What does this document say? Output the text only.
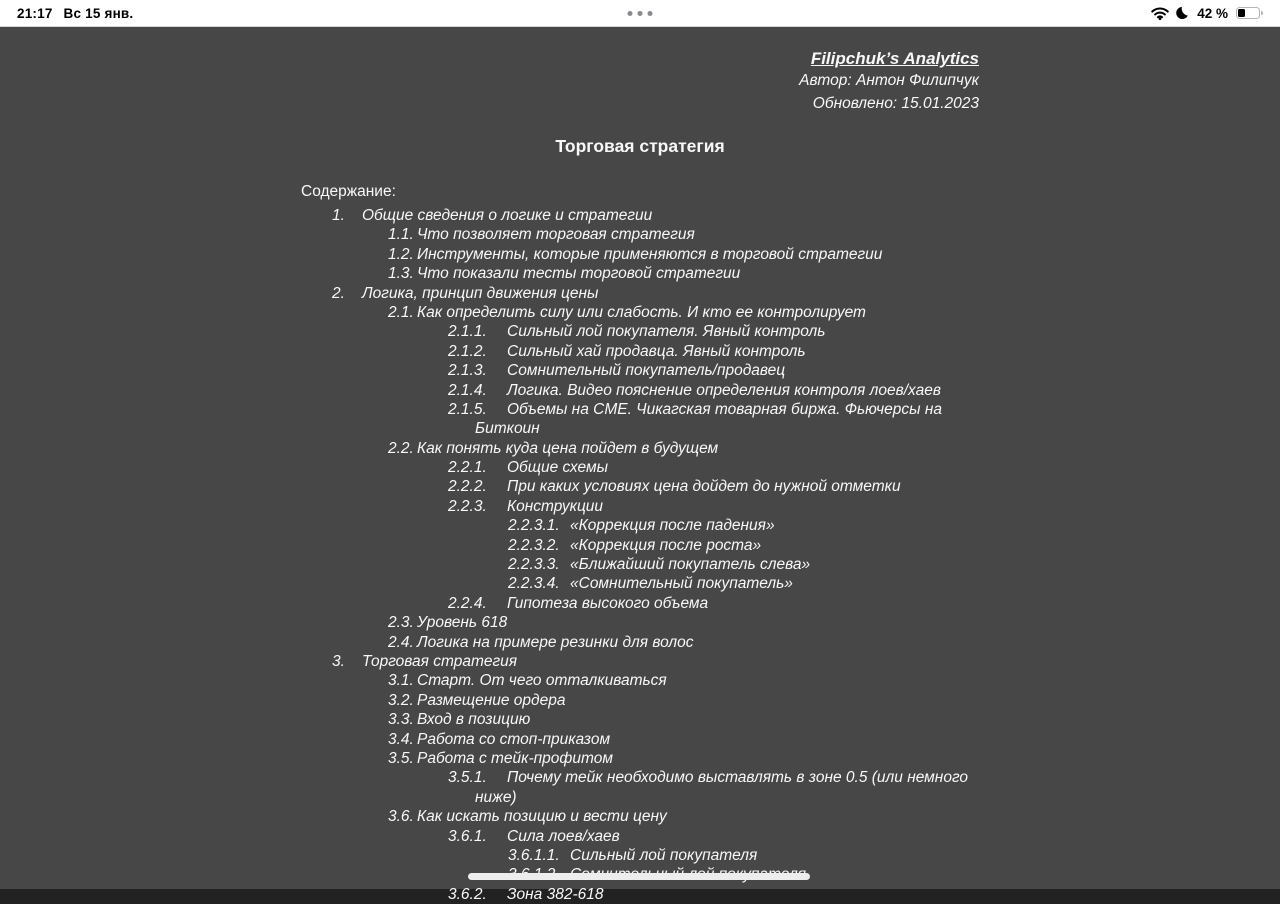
21:17 Вс 15 янв.	42 %
Filipchuk’s Analytics
Автор: Антон Филипчук
Обновлено: 15.01.2023
Торговая стратегия
Содержание:
1.	Общие сведения о логике и стратегии
1.1. Что позволяет торговая стратегия
1.2. Инструменты, которые применяются в торговой стратегии
1.3. Что показали тесты торговой стратегии
2.	Логика, принцип движения цены
2.1. Как определить силу или слабость. И кто ее контролирует
2.1.1.	Сильный лой покупателя. Явный контроль
2.1.2.	Сильный хай продавца. Явный контроль
2.1.3.	Сомнительный покупатель/продавец
2.1.4.	Логика. Видео пояснение определения контроля лоев/хаев
2.1.5.	Объемы на CME. Чикагская товарная биржа. Фьючерсы на
Биткоин
2.2. Как понять куда цена пойдет в будущем
2.2.1.	Общие схемы
2.2.2.	При каких условиях цена дойдет до нужной отметки
2.2.3.	Конструкции
2.2.3.1. «Коррекция после падения»
2.2.3.2. «Коррекция после роста»
2.2.3.3. «Ближайший покупатель слева»
2.2.3.4. «Сомнительный покупатель»
2.2.4.	Гипотеза высокого объема
2.3. Уровень 618
2.4. Логика на примере резинки для волос
3.	Торговая стратегия
3.1. Старт. От чего отталкиваться
3.2. Размещение ордера
3.3. Вход в позицию
3.4. Работа со стоп-приказом
3.5. Работа с тейк-профитом
3.5.1.	Почему тейк необходимо выставлять в зоне 0.5 (или немного
ниже)
3.6. Как искать позицию и вести цену
3.6.1.	Сила лоев/хаев
3.6.1.1. Сильный лой покупателя
3.6.2.	Зона 382-618
